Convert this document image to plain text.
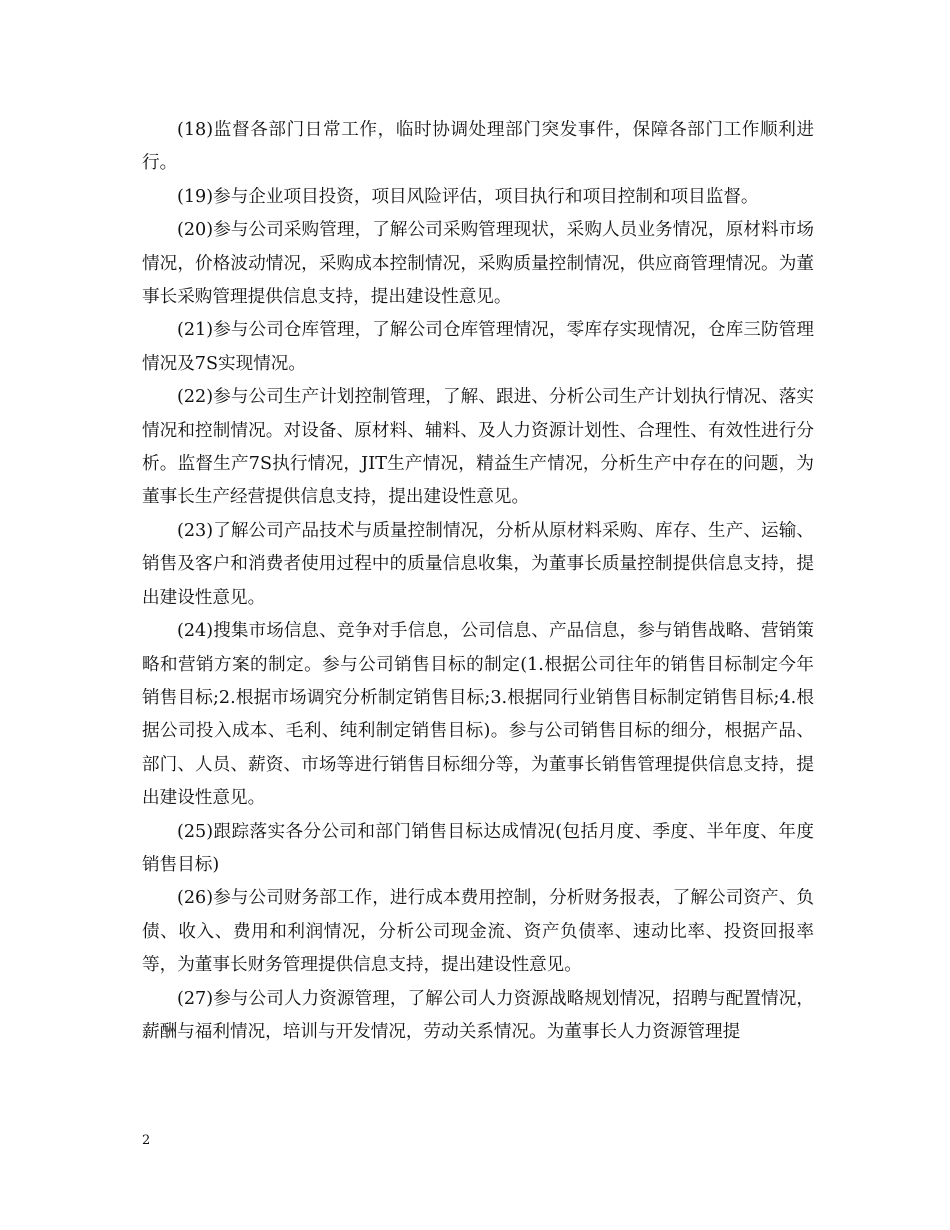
(18)监督各部门日常工作，临时协调处理部门突发事件，保障各部门工作顺利进行。

(19)参与企业项目投资，项目风险评估，项目执行和项目控制和项目监督。

(20)参与公司采购管理，了解公司采购管理现状，采购人员业务情况，原材料市场情况，价格波动情况，采购成本控制情况，采购质量控制情况，供应商管理情况。为董事长采购管理提供信息支持，提出建设性意见。

(21)参与公司仓库管理，了解公司仓库管理情况，零库存实现情况，仓库三防管理情况及7S实现情况。

(22)参与公司生产计划控制管理，了解、跟进、分析公司生产计划执行情况、落实情况和控制情况。对设备、原材料、辅料、及人力资源计划性、合理性、有效性进行分析。监督生产7S执行情况，JIT生产情况，精益生产情况，分析生产中存在的问题，为董事长生产经营提供信息支持，提出建设性意见。

(23)了解公司产品技术与质量控制情况，分析从原材料采购、库存、生产、运输、销售及客户和消费者使用过程中的质量信息收集，为董事长质量控制提供信息支持，提出建设性意见。

(24)搜集市场信息、竞争对手信息，公司信息、产品信息，参与销售战略、营销策略和营销方案的制定。参与公司销售目标的制定(1.根据公司往年的销售目标制定今年销售目标;2.根据市场调究分析制定销售目标;3.根据同行业销售目标制定销售目标;4.根据公司投入成本、毛利、纯利制定销售目标)。参与公司销售目标的细分，根据产品、部门、人员、薪资、市场等进行销售目标细分等，为董事长销售管理提供信息支持，提出建设性意见。

(25)跟踪落实各分公司和部门销售目标达成情况(包括月度、季度、半年度、年度销售目标)

(26)参与公司财务部工作，进行成本费用控制，分析财务报表，了解公司资产、负债、收入、费用和利润情况，分析公司现金流、资产负债率、速动比率、投资回报率等，为董事长财务管理提供信息支持，提出建设性意见。

(27)参与公司人力资源管理，了解公司人力资源战略规划情况，招聘与配置情况，薪酬与福利情况，培训与开发情况，劳动关系情况。为董事长人力资源管理提

2
